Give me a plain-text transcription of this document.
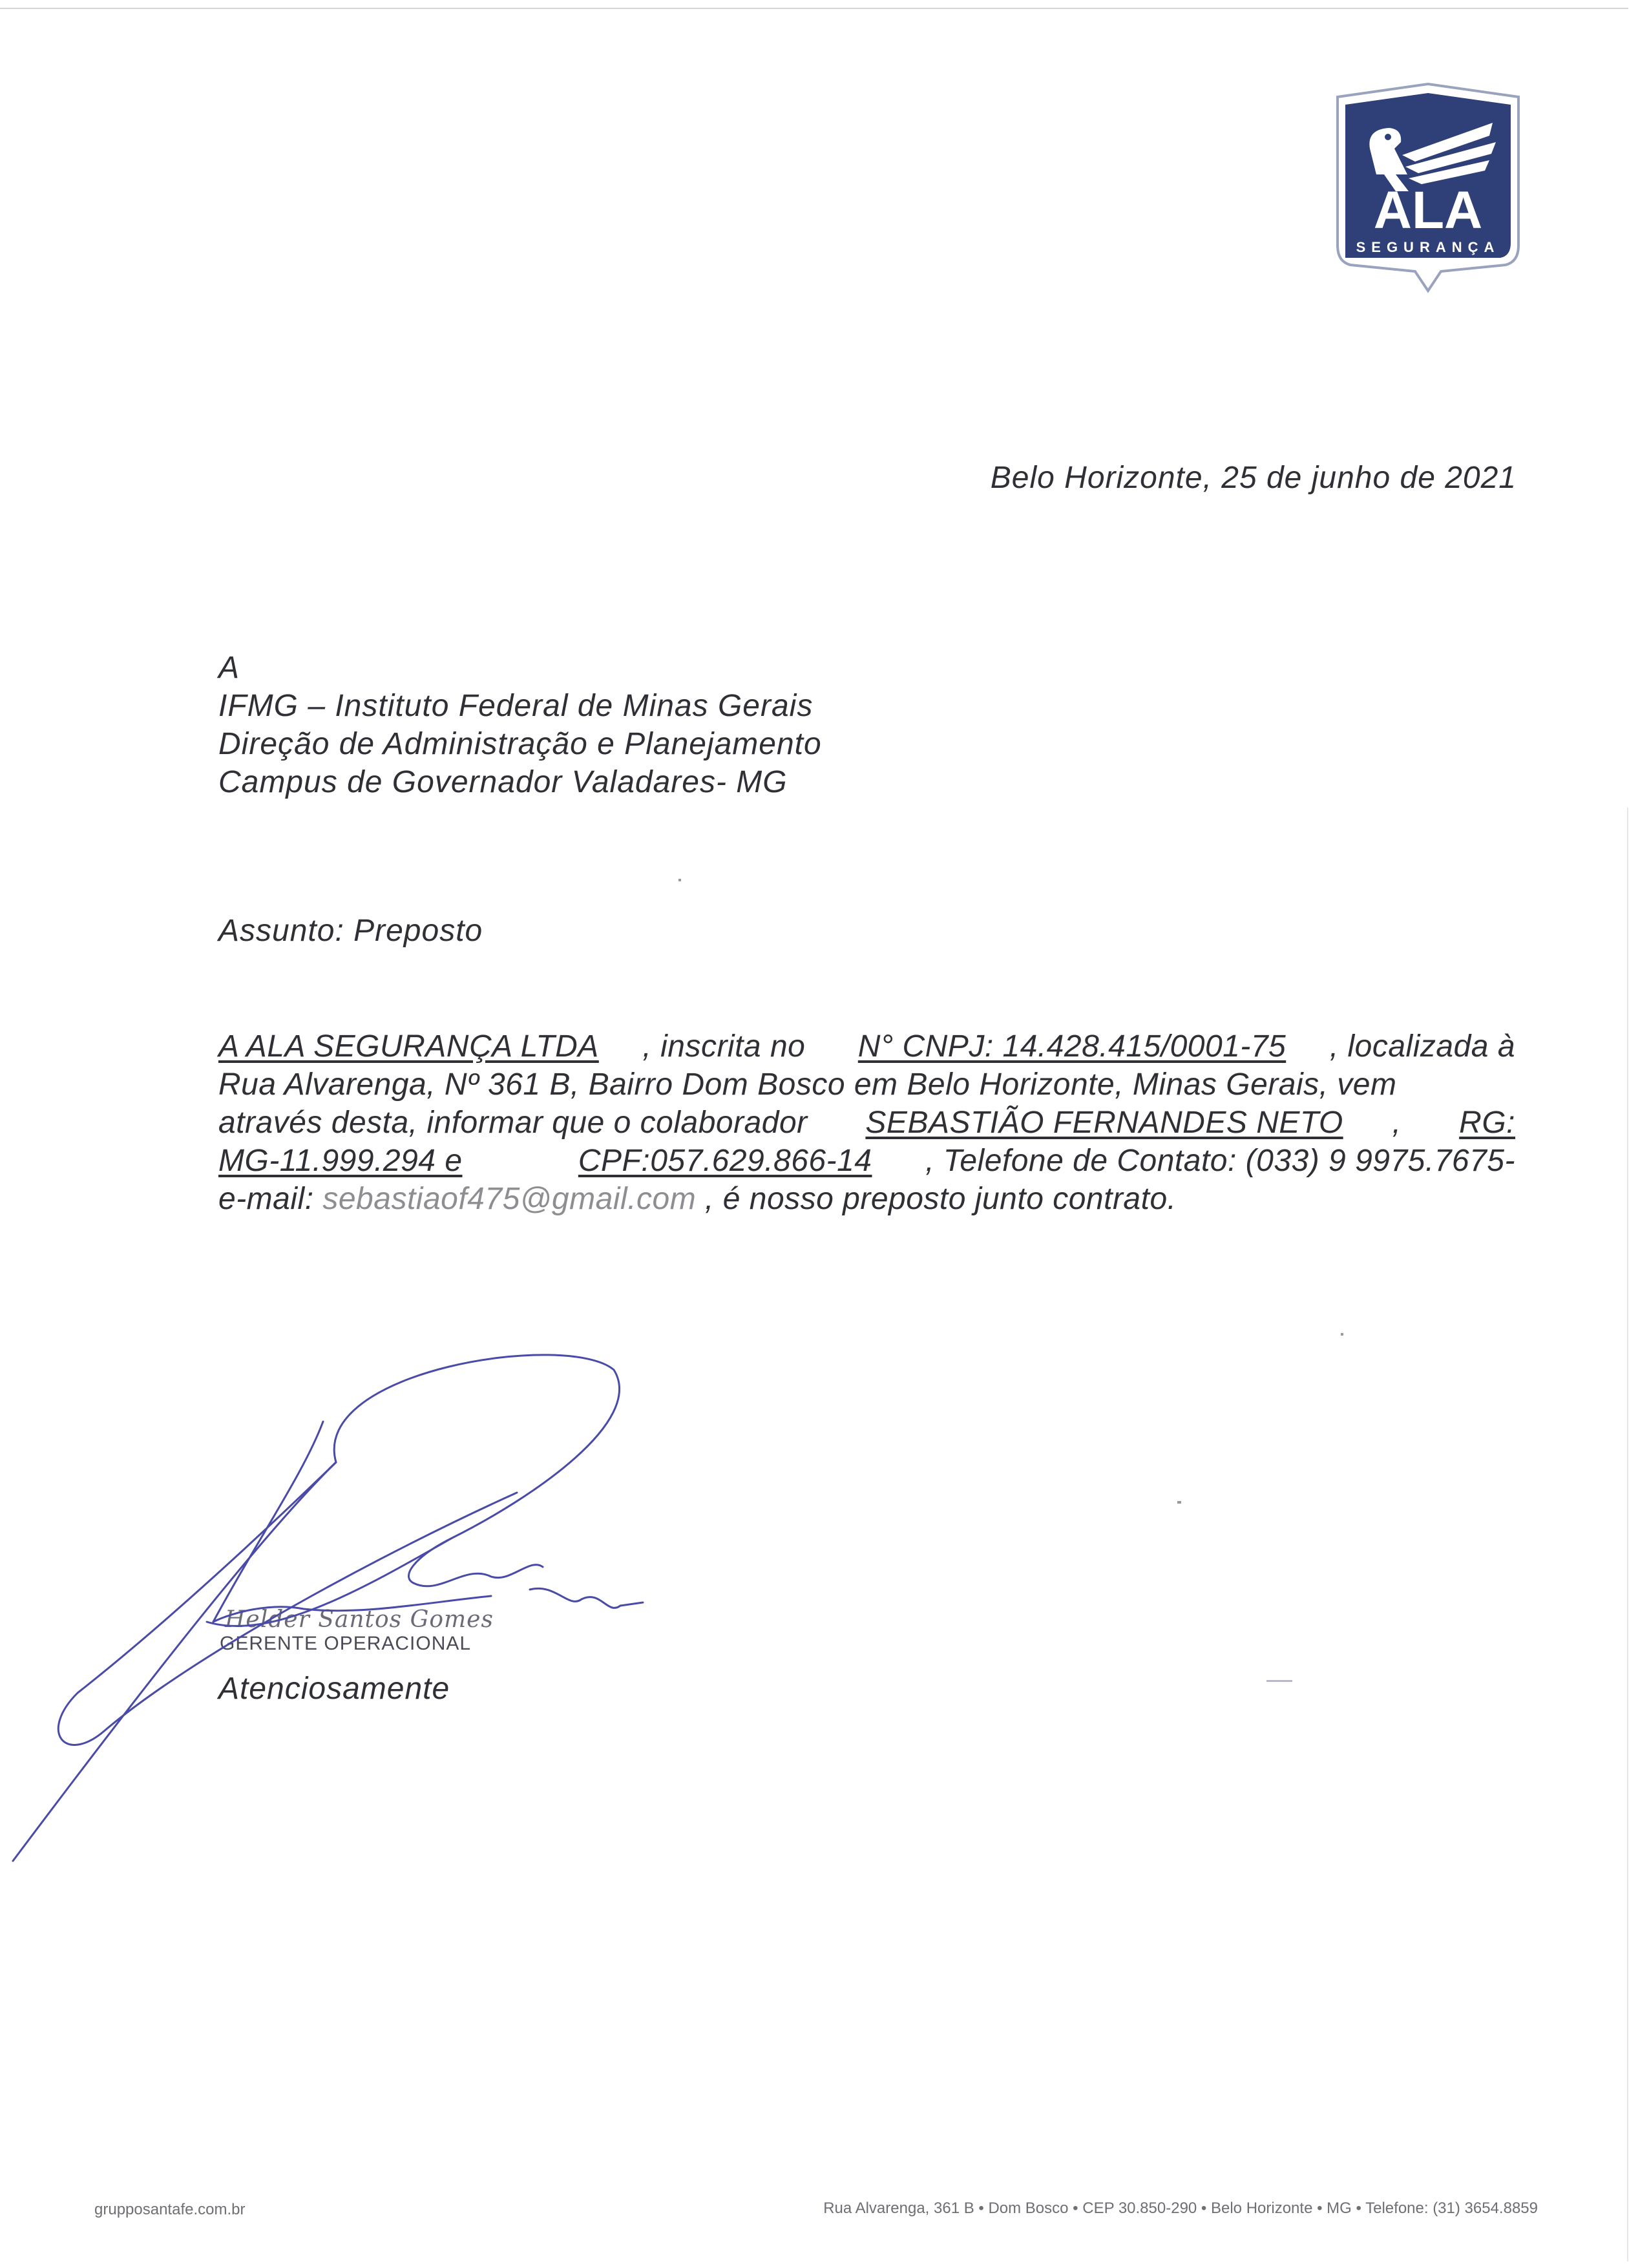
ALA
SEGURANÇA
Belo Horizonte, 25 de junho de 2021
A
IFMG – Instituto Federal de Minas Gerais
Direção de Administração e Planejamento
Campus de Governador Valadares- MG
Assunto: Preposto
A ALA SEGURANÇA LTDA , inscrita no N° CNPJ: 14.428.415/0001-75 , localizada à
Rua Alvarenga, Nº 361 B, Bairro Dom Bosco em Belo Horizonte, Minas Gerais, vem
através desta, informar que o colaborador SEBASTIÃO FERNANDES NETO , RG:
MG-11.999.294 e
	CPF:057.629.866-14 , Telefone de Contato: (033) 9 9975.7675-
e-mail: sebastiaof475@gmail.com , é nosso preposto junto contrato.
Helder Santos Gomes
GERENTE OPERACIONAL
Atenciosamente
grupposantafe.com.br	Rua Alvarenga, 361 B • Dom Bosco • CEP 30.850-290 • Belo Horizonte • MG • Telefone: (31) 3654.8859
